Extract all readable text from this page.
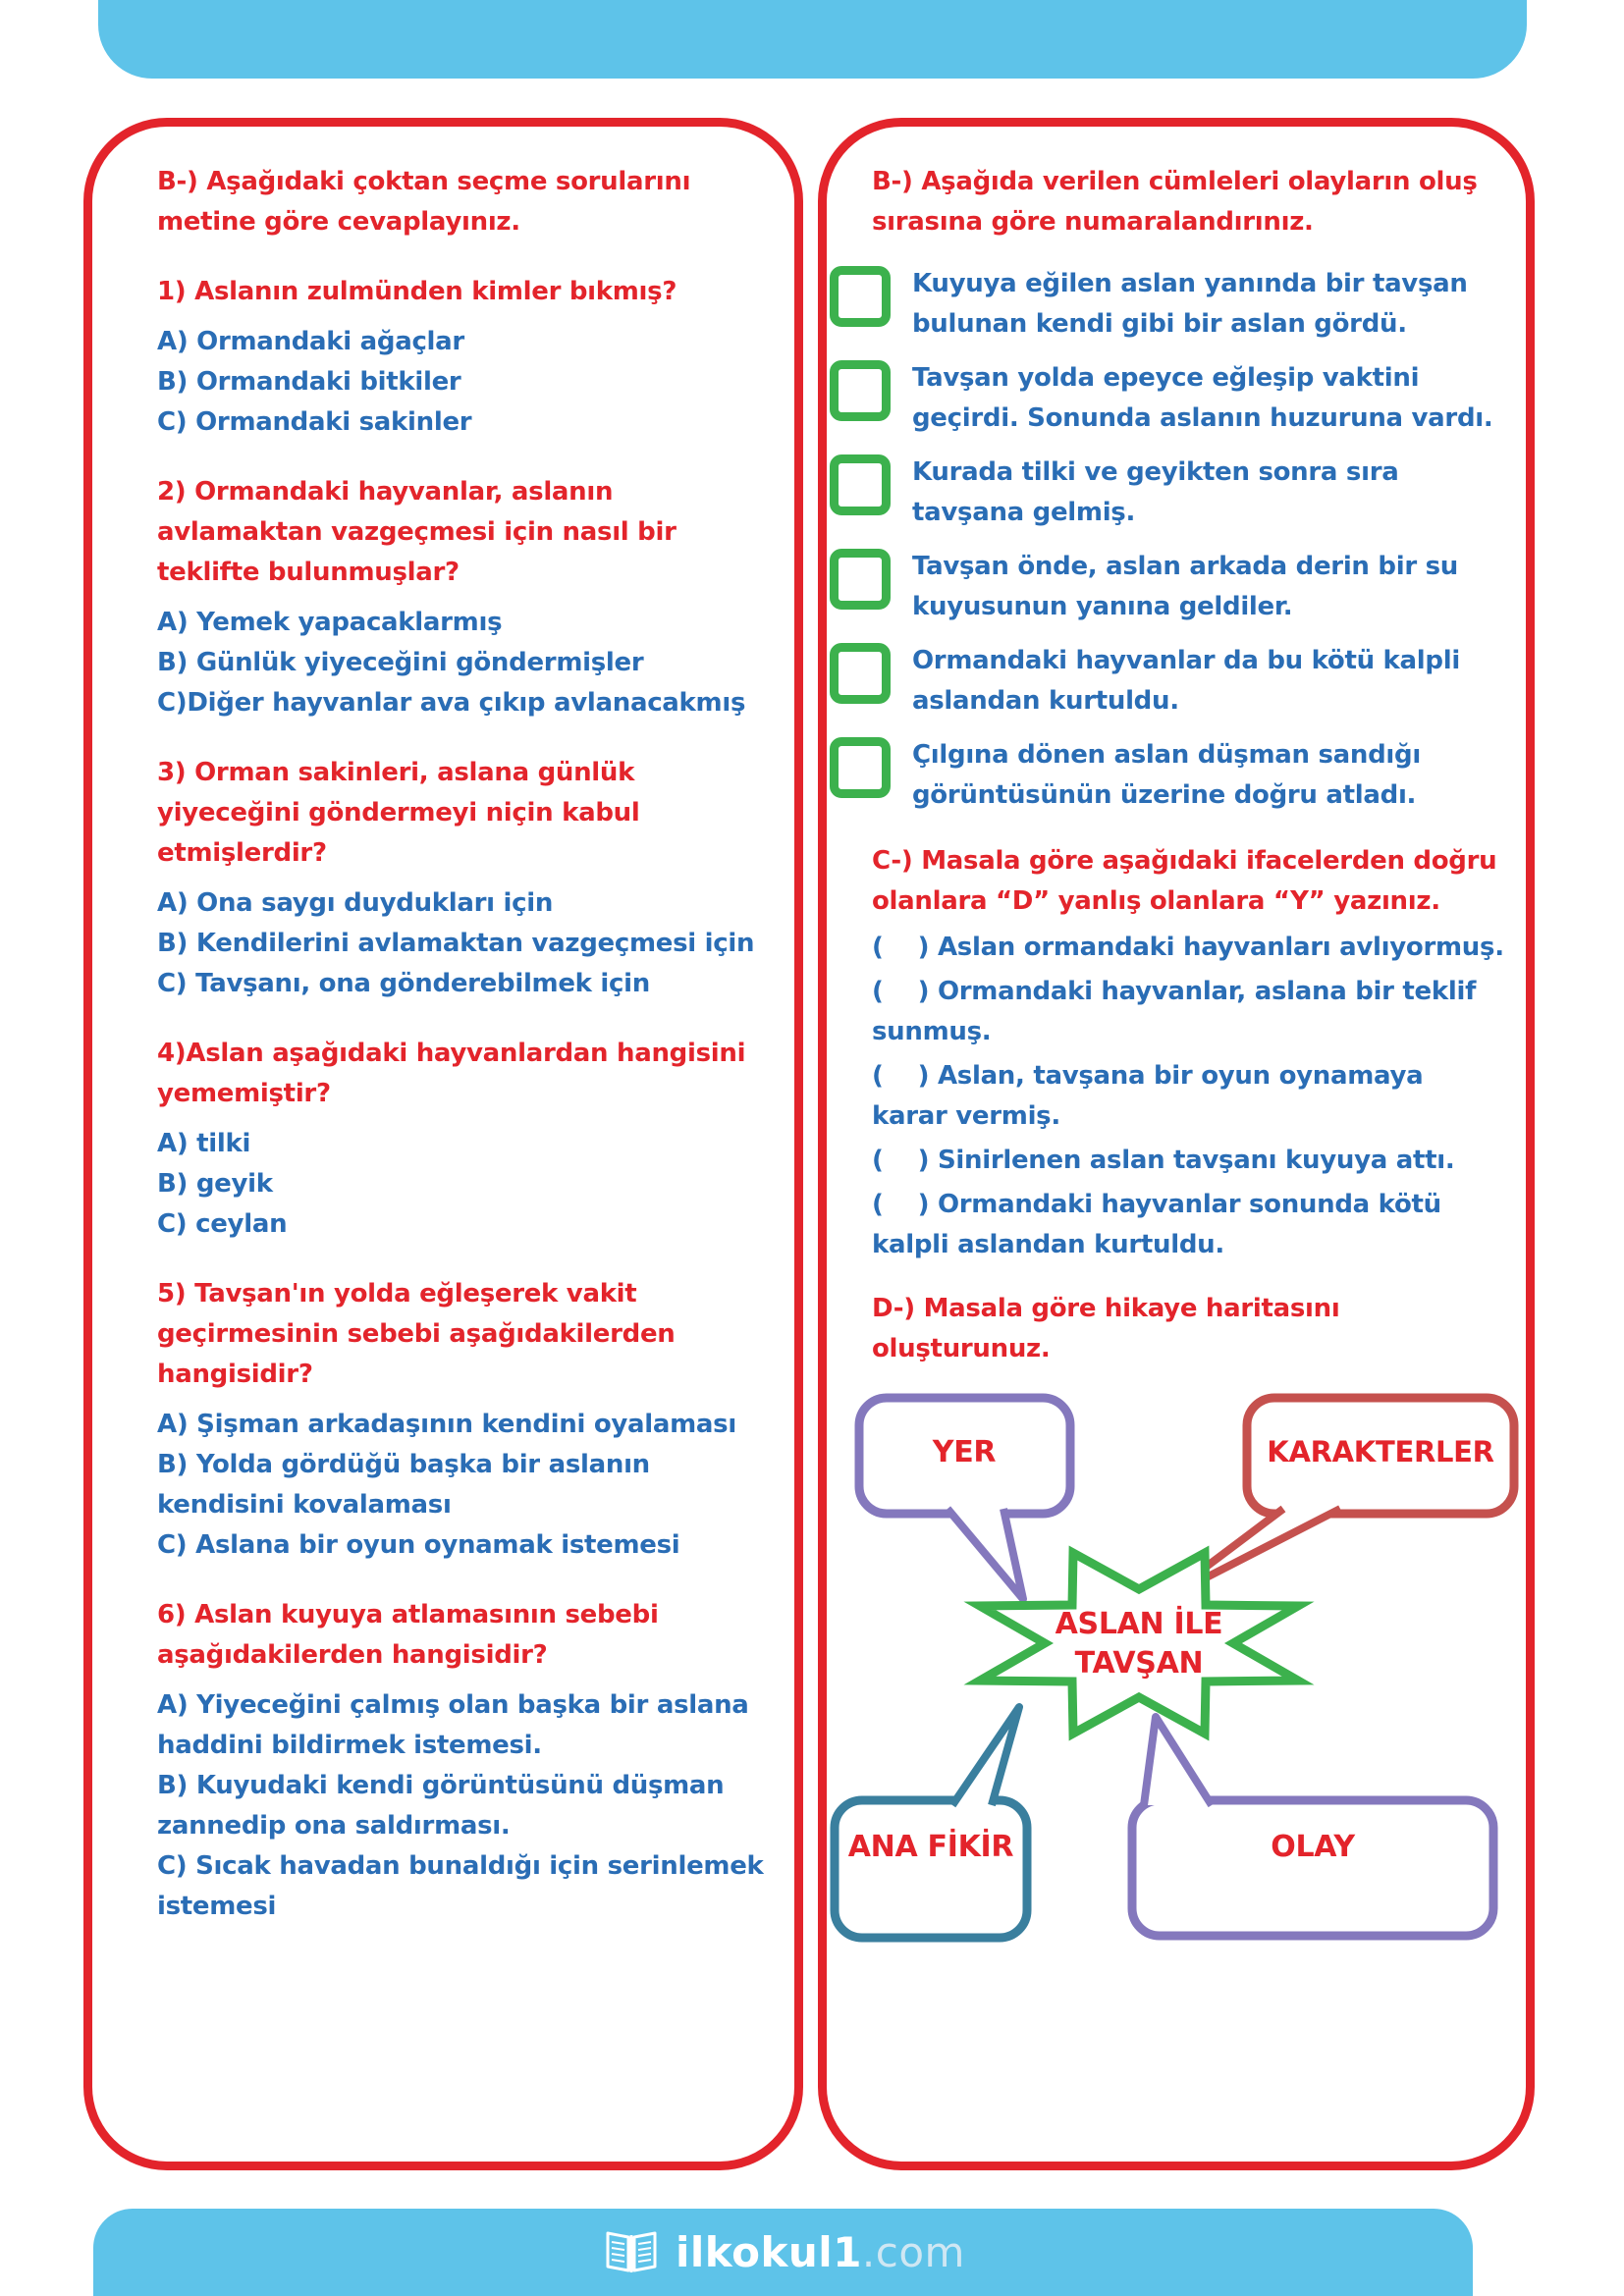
B-) Aşağıdaki çoktan seçme sorularını metine göre cevaplayınız.
1) Aslanın zulmünden kimler bıkmış?
A) Ormandaki ağaçlar
B) Ormandaki bitkiler
C) Ormandaki sakinler
2) Ormandaki hayvanlar, aslanın avlamaktan vazgeçmesi için nasıl bir teklifte bulunmuşlar?
A) Yemek yapacaklarmış
B) Günlük yiyeceğini göndermişler
C)Diğer hayvanlar ava çıkıp avlanacakmış
3) Orman sakinleri, aslana günlük yiyeceğini göndermeyi niçin kabul etmişlerdir?
A) Ona saygı duydukları için
B) Kendilerini avlamaktan vazgeçmesi için
C) Tavşanı, ona gönderebilmek için
4)Aslan aşağıdaki hayvanlardan hangisini yememiştir?
A) tilki
B) geyik
C) ceylan
5) Tavşan'ın yolda eğleşerek vakit geçirmesinin sebebi aşağıdakilerden hangisidir?
A) Şişman arkadaşının kendini oyalaması
B) Yolda gördüğü başka bir aslanın kendisini kovalaması
C) Aslana bir oyun oynamak istemesi
6) Aslan kuyuya atlamasının sebebi aşağıdakilerden hangisidir?
A) Yiyeceğini çalmış olan başka bir aslana haddini bildirmek istemesi.
B) Kuyudaki kendi görüntüsünü düşman zannedip ona saldırması.
C) Sıcak havadan bunaldığı için serinlemek istemesi
B-) Aşağıda verilen cümleleri olayların oluş sırasına göre numaralandırınız.
Kuyuya eğilen aslan yanında bir tavşan bulunan kendi gibi bir aslan gördü.
Tavşan yolda epeyce eğleşip vaktini geçirdi. Sonunda aslanın huzuruna vardı.
Kurada tilki ve geyikten sonra sıra tavşana gelmiş.
Tavşan önde, aslan arkada derin bir su kuyusunun yanına geldiler.
Ormandaki hayvanlar da bu kötü kalpli aslandan kurtuldu.
Çılgına dönen aslan düşman sandığı görüntüsünün üzerine doğru atladı.
C-) Masala göre aşağıdaki ifacelerden doğru olanlara “D” yanlış olanlara “Y” yazınız.
(    ) Aslan ormandaki hayvanları avlıyormuş.
(    ) Ormandaki hayvanlar, aslana bir teklif sunmuş.
(    ) Aslan, tavşana bir oyun oynamaya karar vermiş.
(    ) Sinirlenen aslan tavşanı kuyuya attı.
(    ) Ormandaki hayvanlar sonunda kötü kalpli aslandan kurtuldu.
D-) Masala göre hikaye haritasını oluşturunuz.
YER	KARAKTERLER
ASLAN İLE
TAVŞAN
ANA FİKİR	OLAY
ilkokul1.com
